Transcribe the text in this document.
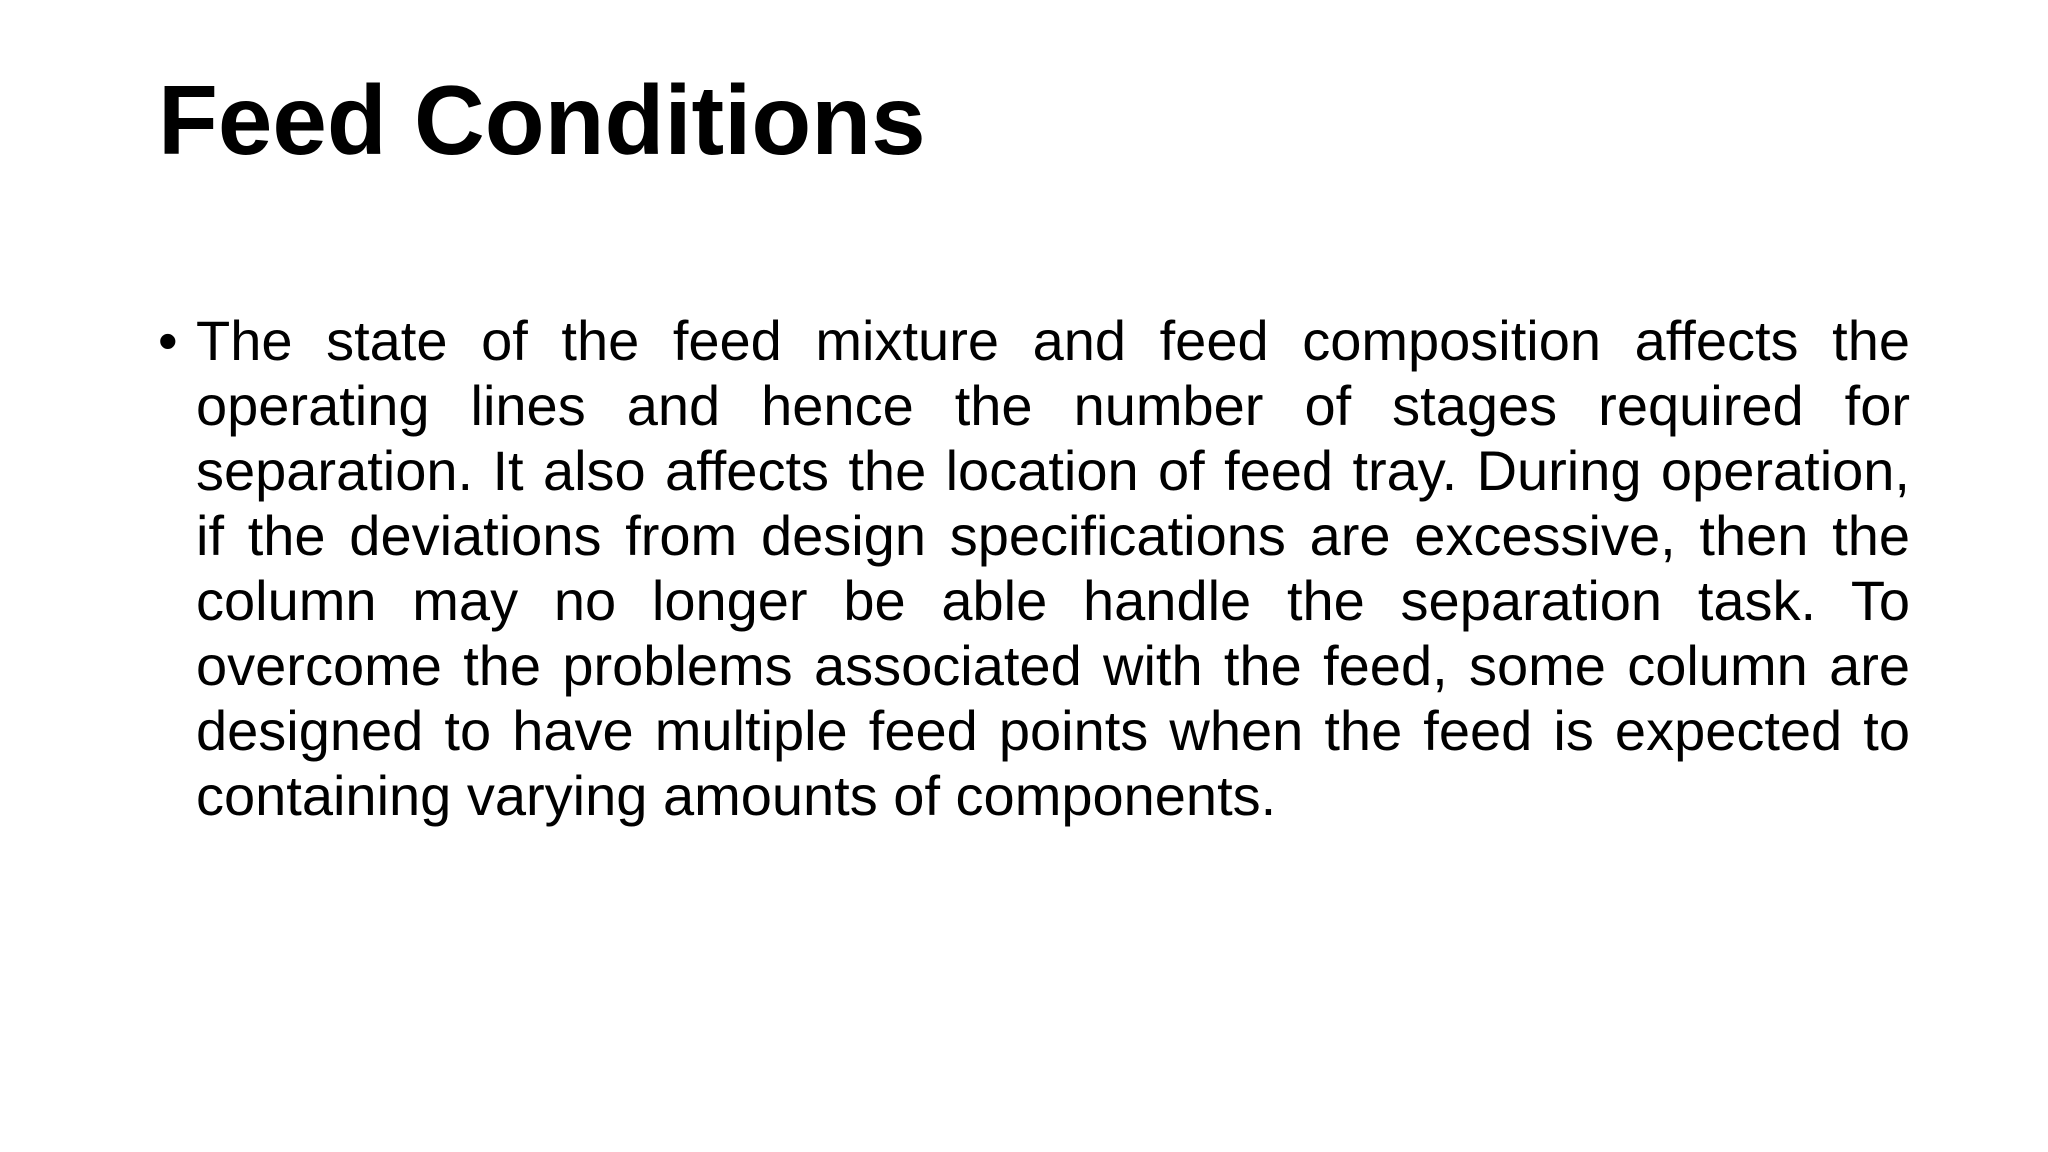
Feed Conditions
• The state of the feed mixture and feed composition affects the operating lines and hence the number of stages required for separation. It also affects the location of feed tray. During operation, if the deviations from design specifications are excessive, then the column may no longer be able handle the separation task. To overcome the problems associated with the feed, some column are designed to have multiple feed points when the feed is expected to containing varying amounts of components.
